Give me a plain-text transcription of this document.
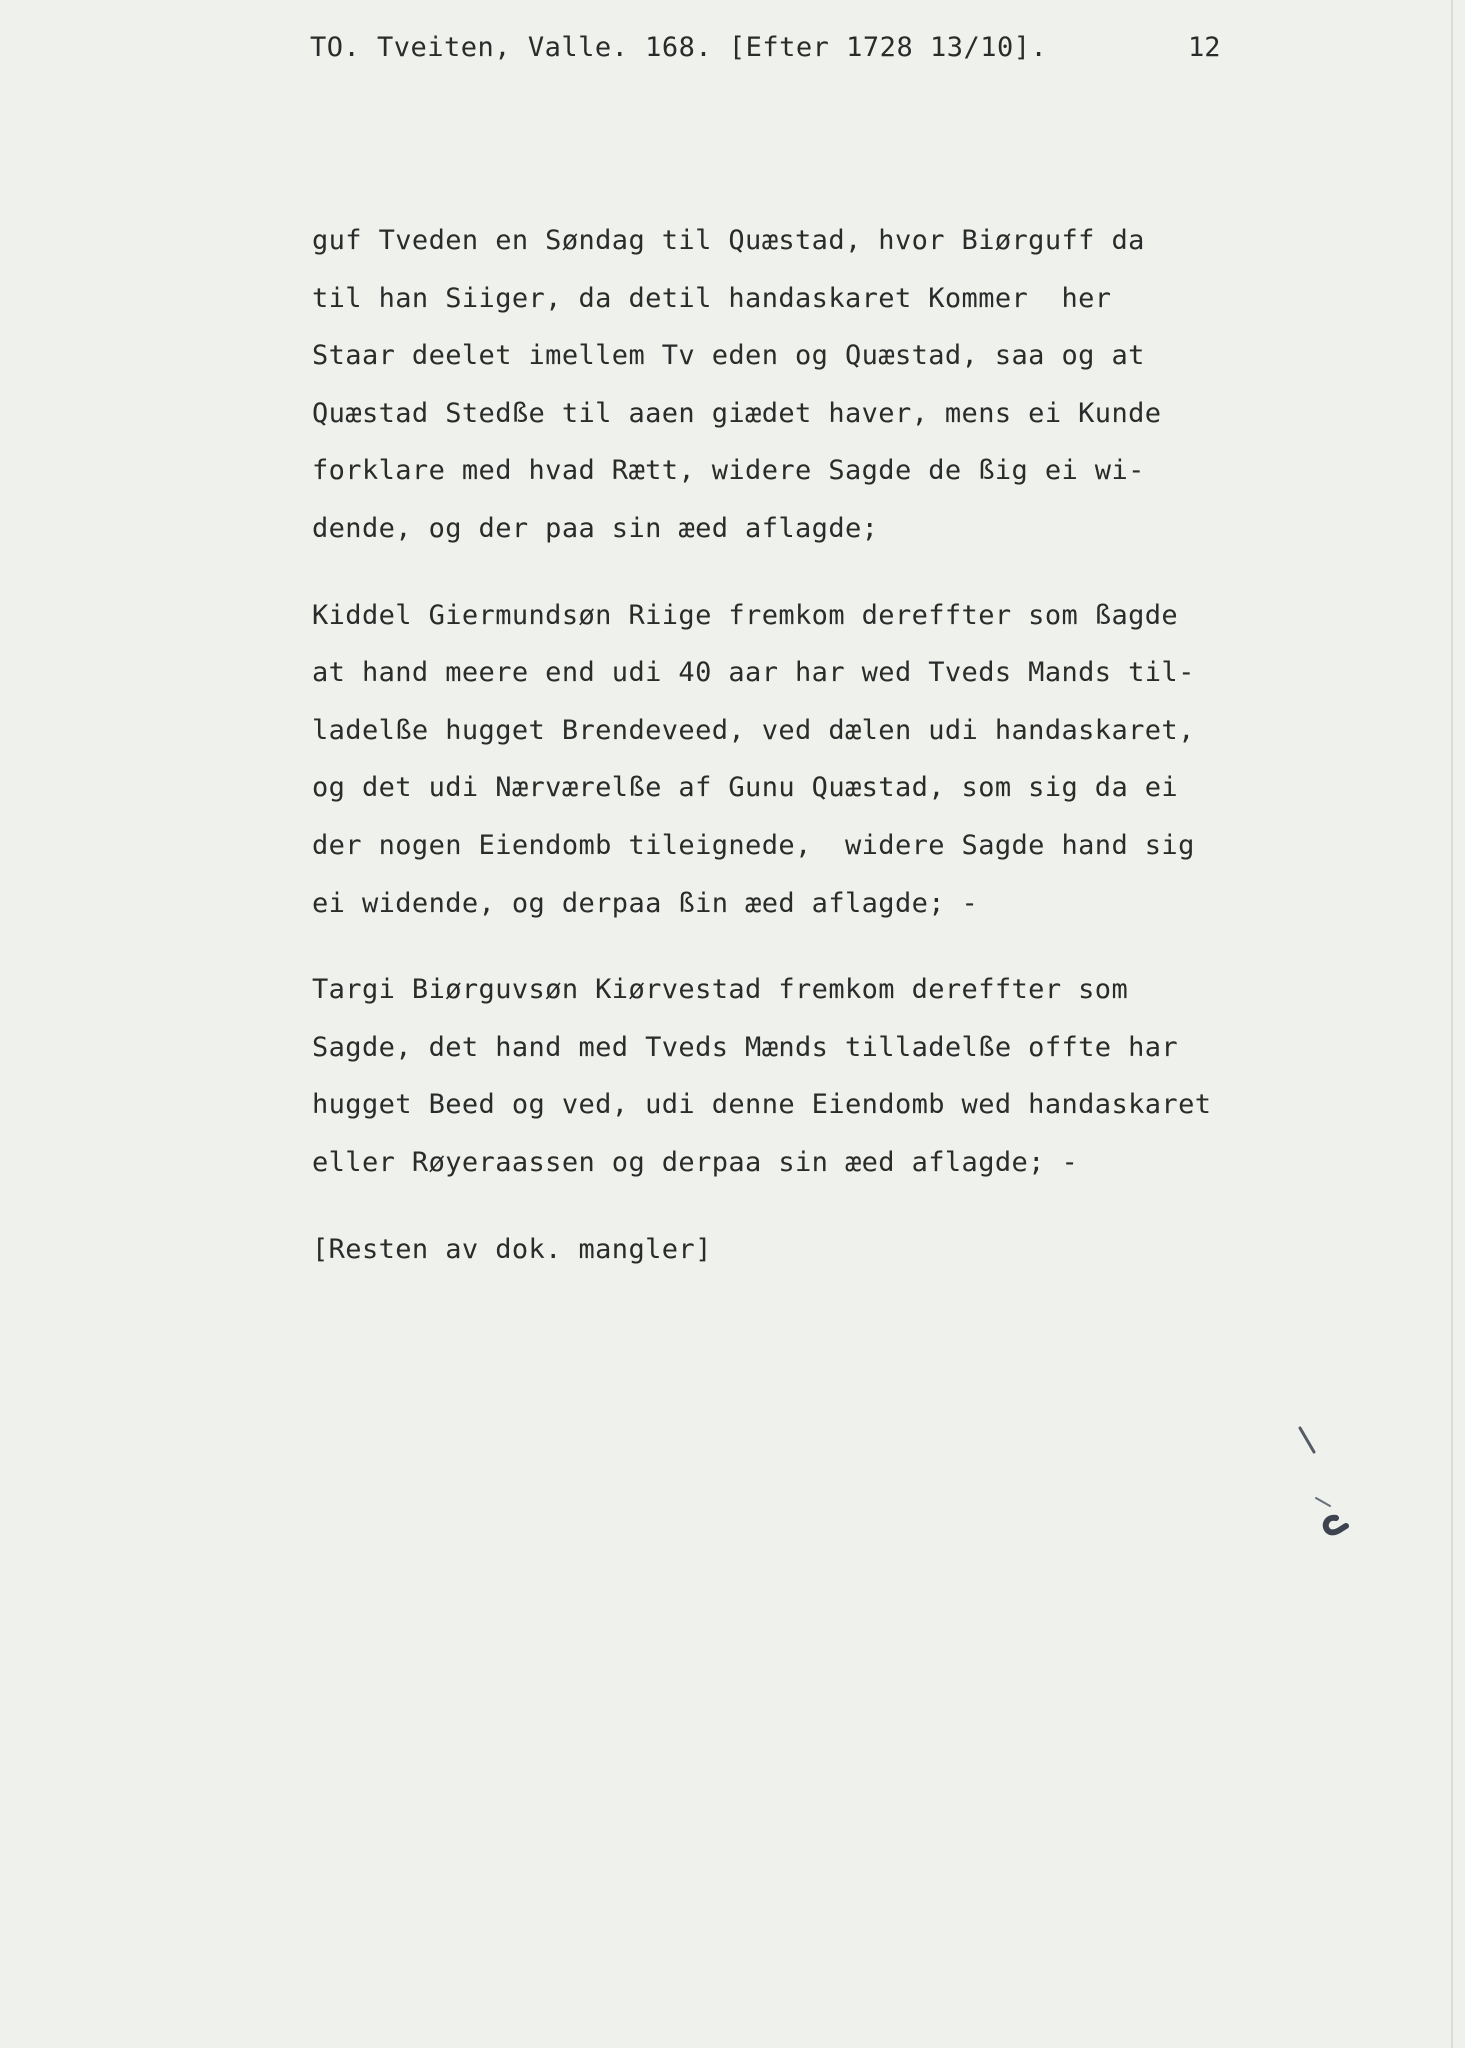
TO. Tveiten, Valle. 168. [Efter 1728 13/10].	12
guf Tveden en Søndag til Quæstad, hvor Biørguff da
til han Siiger, da detil handaskaret Kommer  her
Staar deelet imellem Tv eden og Quæstad, saa og at
Quæstad Stedße til aaen giædet haver, mens ei Kunde
forklare med hvad Rætt, widere Sagde de ßig ei wi-
dende, og der paa sin æed aflagde;
Kiddel Giermundsøn Riige fremkom dereffter som ßagde
at hand meere end udi 40 aar har wed Tveds Mands til-
ladelße hugget Brendeveed, ved dælen udi handaskaret,
og det udi Nærværelße af Gunu Quæstad, som sig da ei
der nogen Eiendomb tileignede,  widere Sagde hand sig
ei widende, og derpaa ßin æed aflagde; -
Targi Biørguvsøn Kiørvestad fremkom dereffter som
Sagde, det hand med Tveds Mænds tilladelße offte har
hugget Beed og ved, udi denne Eiendomb wed handaskaret
eller Røyeraassen og derpaa sin æed aflagde; -
[Resten av dok. mangler]
